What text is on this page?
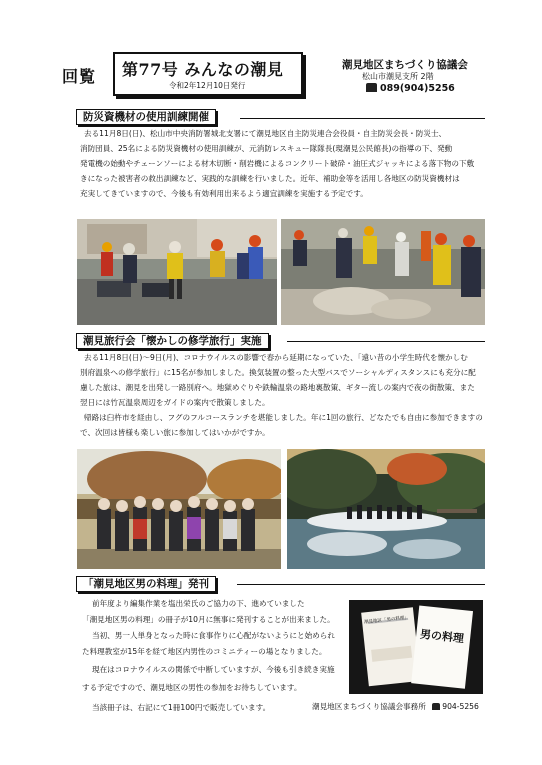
回覧 第77号 みんなの潮見
令和2年12月10日発行
潮見地区まちづくり協議会
松山市潮見支所 2階
089(904)5256
防災資機材の使用訓練開催
去る11月8日(日)、松山市中央消防署城北支署にて潮見地区自主防災連合会役員・自主防災会長・防災士、
消防団員、25名による防災資機材の使用訓練が、元消防レスキュー隊隊長(現潮見公民館長)の指導の下、発動
発電機の始動やチェーンソーによる材木切断・削岩機によるコンクリート破砕・油圧式ジャッキによる落下物の下敷
きになった被害者の救出訓練など、実践的な訓練を行いました。近年、補助金等を活用し各地区の防災資機材は
充実してきていますので、今後も有効利用出来るよう適宜訓練を実施する予定です。
潮見旅行会「懐かしの修学旅行」実施
去る11月8日(日)～9日(月)、コロナウイルスの影響で春から延期になっていた、「遠い昔の小学生時代を懐かしむ
別府温泉への修学旅行」に15名が参加しました。換気装置の整った大型バスでソーシャルディスタンスにも充分に配
慮した旅は、潮見を出発し一路別府へ。地獄めぐりや鉄輪温泉の路地裏散策、ギター流しの案内で夜の街散策、また
翌日には竹瓦温泉周辺をガイドの案内で散策しました。
帰路は臼杵市を経由し、フグのフルコースランチを堪能しました。年に1回の旅行、どなたでも自由に参加できますの
で、次回は皆様も楽しい旅に参加してはいかがですか。
「潮見地区男の料理」発刊
前年度より編集作業を塩出栄氏のご協力の下、進めていました
「潮見地区男の料理」の冊子が10月に無事に発刊することが出来ました。
当初、男一人単身となった時に食事作りに心配がないようにと始められ
た料理教室が15年を経て地区内男性のコミニティーの場となりました。
現在はコロナウイルスの関係で中断していますが、今後も引き続き実施
する予定ですので、潮見地区の男性の参加をお待ちしています。
当該冊子は、右記にて1冊100円で販売しています。
潮見地区「男の料理」
男の料理
潮見地区まちづくり協議会事務所 904-5256
